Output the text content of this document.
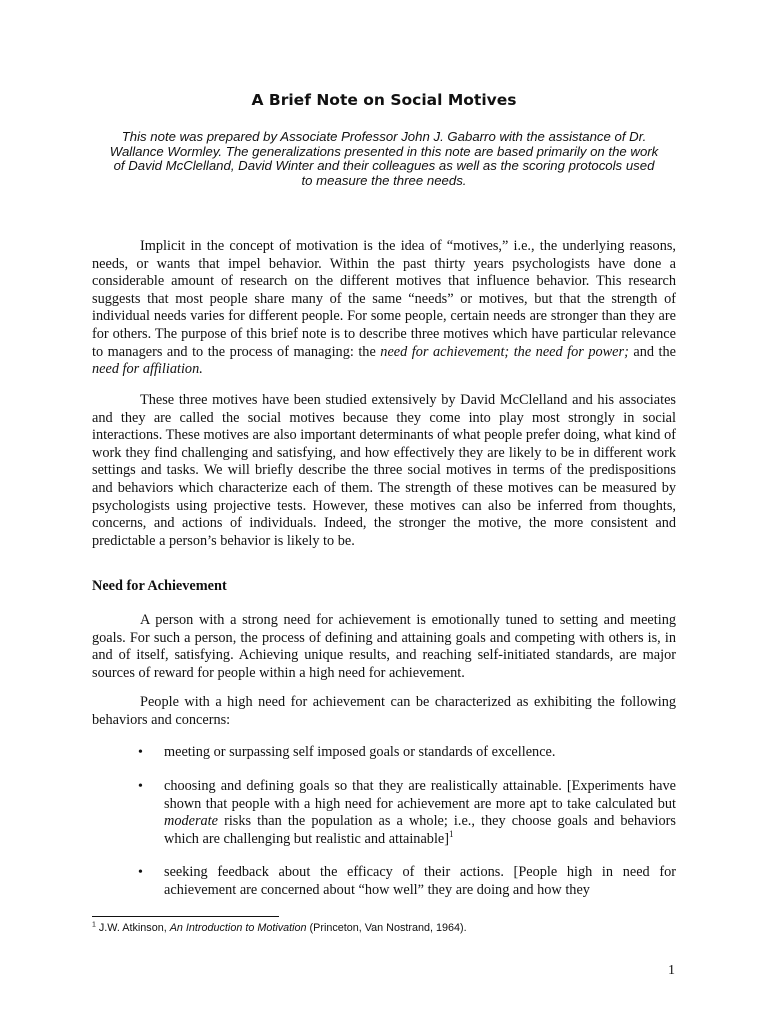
A Brief Note on Social Motives

This note was prepared by Associate Professor John J. Gabarro with the assistance of Dr. Wallance Wormley. The generalizations presented in this note are based primarily on the work of David McClelland, David Winter and their colleagues as well as the scoring protocols used to measure the three needs.

Implicit in the concept of motivation is the idea of “motives,” i.e., the underlying reasons, needs, or wants that impel behavior. Within the past thirty years psychologists have done a considerable amount of research on the different motives that influence behavior. This research suggests that most people share many of the same “needs” or motives, but that the strength of individual needs varies for different people. For some people, certain needs are stronger than they are for others. The purpose of this brief note is to describe three motives which have particular relevance to managers and to the process of managing: the need for achievement; the need for power; and the need for affiliation.

These three motives have been studied extensively by David McClelland and his associates and they are called the social motives because they come into play most strongly in social interactions. These motives are also important determinants of what people prefer doing, what kind of work they find challenging and satisfying, and how effectively they are likely to be in different work settings and tasks. We will briefly describe the three social motives in terms of the predispositions and behaviors which characterize each of them. The strength of these motives can be measured by psychologists using projective tests. However, these motives can also be inferred from thoughts, concerns, and actions of individuals. Indeed, the stronger the motive, the more consistent and predictable a person’s behavior is likely to be.

Need for Achievement

A person with a strong need for achievement is emotionally tuned to setting and meeting goals. For such a person, the process of defining and attaining goals and competing with others is, in and of itself, satisfying. Achieving unique results, and reaching self-initiated standards, are major sources of reward for people within a high need for achievement.

People with a high need for achievement can be characterized as exhibiting the following behaviors and concerns:

• meeting or surpassing self imposed goals or standards of excellence.

• choosing and defining goals so that they are realistically attainable. [Experiments have shown that people with a high need for achievement are more apt to take calculated but moderate risks than the population as a whole; i.e., they choose goals and behaviors which are challenging but realistic and attainable]$^1$

• seeking feedback about the efficacy of their actions. [People high in need for achievement are concerned about “how well” they are doing and how they

$^1$ J.W. Atkinson, An Introduction to Motivation (Princeton, Van Nostrand, 1964).

1
